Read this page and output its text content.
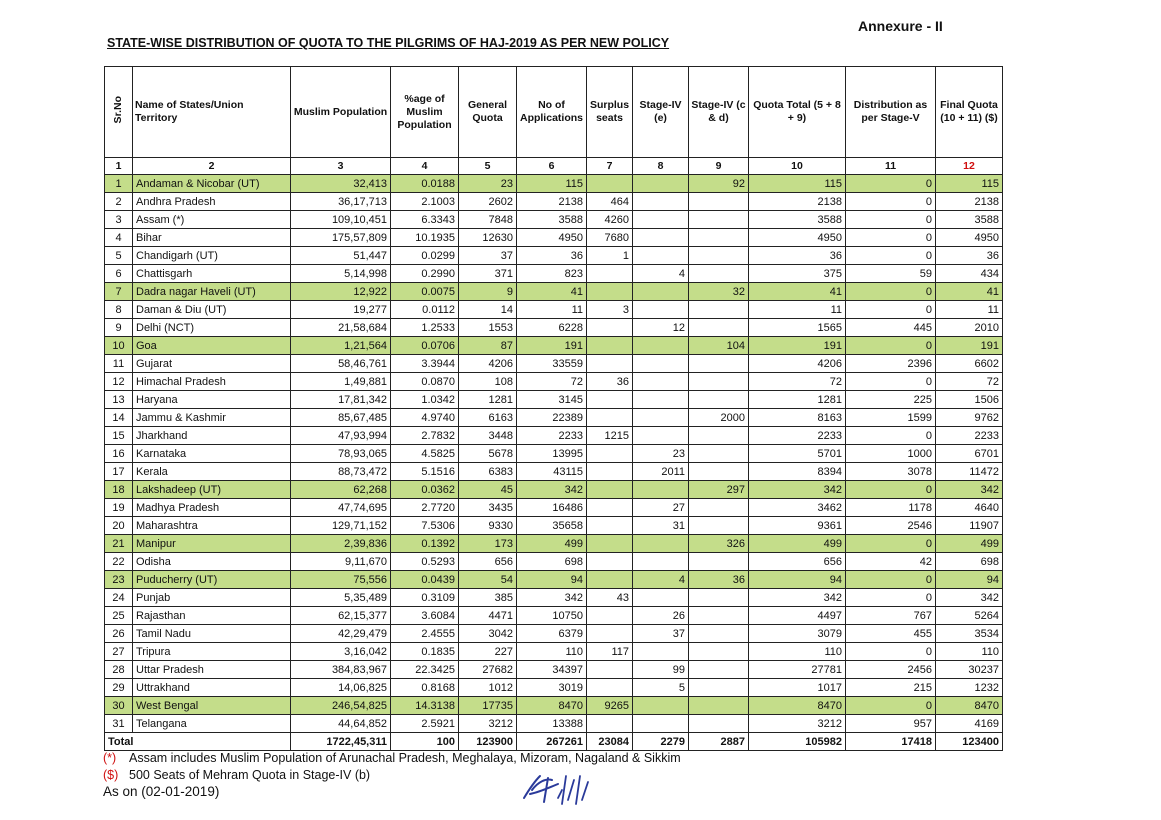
Annexure - II
STATE-WISE DISTRIBUTION OF QUOTA TO THE PILGRIMS OF HAJ-2019 AS PER NEW POLICY
Sr.No	Name of States/Union Territory	Muslim Population	%age of Muslim Population	General Quota	No of Applications	Surplus seats	Stage-IV (e)	Stage-IV (c & d)	Quota Total (5 + 8 + 9)	Distribution as per Stage-V	Final Quota (10 + 11) ($)
1	2	3	4	5	6	7	8	9	10	11	12
1	Andaman & Nicobar (UT)	32,413	0.0188	23	115			92	115	0	115
2	Andhra Pradesh	36,17,713	2.1003	2602	2138	464			2138	0	2138
3	Assam (*)	109,10,451	6.3343	7848	3588	4260			3588	0	3588
4	Bihar	175,57,809	10.1935	12630	4950	7680			4950	0	4950
5	Chandigarh (UT)	51,447	0.0299	37	36	1			36	0	36
6	Chattisgarh	5,14,998	0.2990	371	823		4		375	59	434
7	Dadra nagar Haveli (UT)	12,922	0.0075	9	41			32	41	0	41
8	Daman & Diu (UT)	19,277	0.0112	14	11	3			11	0	11
9	Delhi (NCT)	21,58,684	1.2533	1553	6228		12		1565	445	2010
10	Goa	1,21,564	0.0706	87	191			104	191	0	191
11	Gujarat	58,46,761	3.3944	4206	33559				4206	2396	6602
12	Himachal Pradesh	1,49,881	0.0870	108	72	36			72	0	72
13	Haryana	17,81,342	1.0342	1281	3145				1281	225	1506
14	Jammu & Kashmir	85,67,485	4.9740	6163	22389			2000	8163	1599	9762
15	Jharkhand	47,93,994	2.7832	3448	2233	1215			2233	0	2233
16	Karnataka	78,93,065	4.5825	5678	13995		23		5701	1000	6701
17	Kerala	88,73,472	5.1516	6383	43115		2011		8394	3078	11472
18	Lakshadeep (UT)	62,268	0.0362	45	342			297	342	0	342
19	Madhya Pradesh	47,74,695	2.7720	3435	16486		27		3462	1178	4640
20	Maharashtra	129,71,152	7.5306	9330	35658		31		9361	2546	11907
21	Manipur	2,39,836	0.1392	173	499			326	499	0	499
22	Odisha	9,11,670	0.5293	656	698				656	42	698
23	Puducherry (UT)	75,556	0.0439	54	94		4	36	94	0	94
24	Punjab	5,35,489	0.3109	385	342	43			342	0	342
25	Rajasthan	62,15,377	3.6084	4471	10750		26		4497	767	5264
26	Tamil Nadu	42,29,479	2.4555	3042	6379		37		3079	455	3534
27	Tripura	3,16,042	0.1835	227	110	117			110	0	110
28	Uttar Pradesh	384,83,967	22.3425	27682	34397		99		27781	2456	30237
29	Uttrakhand	14,06,825	0.8168	1012	3019		5		1017	215	1232
30	West Bengal	246,54,825	14.3138	17735	8470	9265			8470	0	8470
31	Telangana	44,64,852	2.5921	3212	13388				3212	957	4169
Total		1722,45,311	100	123900	267261	23084	2279	2887	105982	17418	123400
(*) Assam includes Muslim Population of Arunachal Pradesh, Meghalaya, Mizoram, Nagaland & Sikkim
($) 500 Seats of Mehram Quota in Stage-IV (b)
As on (02-01-2019)
